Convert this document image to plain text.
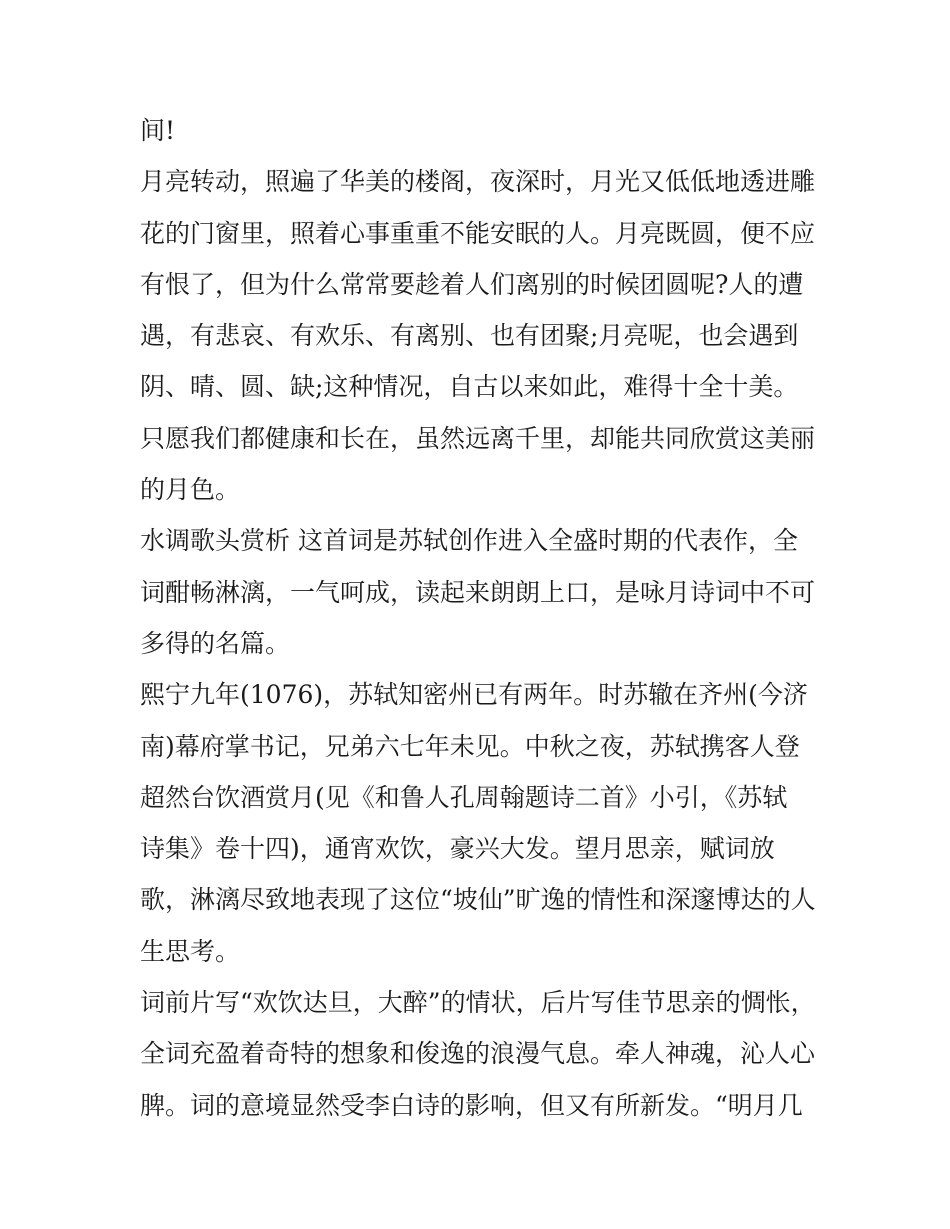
间!
月亮转动，照遍了华美的楼阁，夜深时，月光又低低地透进雕
花的门窗里，照着心事重重不能安眠的人。月亮既圆，便不应
有恨了，但为什么常常要趁着人们离别的时候团圆呢?人的遭
遇，有悲哀、有欢乐、有离别、也有团聚;月亮呢，也会遇到
阴、晴、圆、缺;这种情况，自古以来如此，难得十全十美。
只愿我们都健康和长在，虽然远离千里，却能共同欣赏这美丽
的月色。
水调歌头赏析 这首词是苏轼创作进入全盛时期的代表作，全
词酣畅淋漓，一气呵成，读起来朗朗上口，是咏月诗词中不可
多得的名篇。
熙宁九年(1076)，苏轼知密州已有两年。时苏辙在齐州(今济
南)幕府掌书记，兄弟六七年未见。中秋之夜，苏轼携客人登
超然台饮酒赏月(见《和鲁人孔周翰题诗二首》小引，《苏轼
诗集》卷十四)，通宵欢饮，豪兴大发。望月思亲，赋词放
歌，淋漓尽致地表现了这位“坡仙”旷逸的情性和深邃博达的人
生思考。
词前片写“欢饮达旦，大醉”的情状，后片写佳节思亲的惆怅，
全词充盈着奇特的想象和俊逸的浪漫气息。牵人神魂，沁人心
脾。词的意境显然受李白诗的影响，但又有所新发。“明月几
